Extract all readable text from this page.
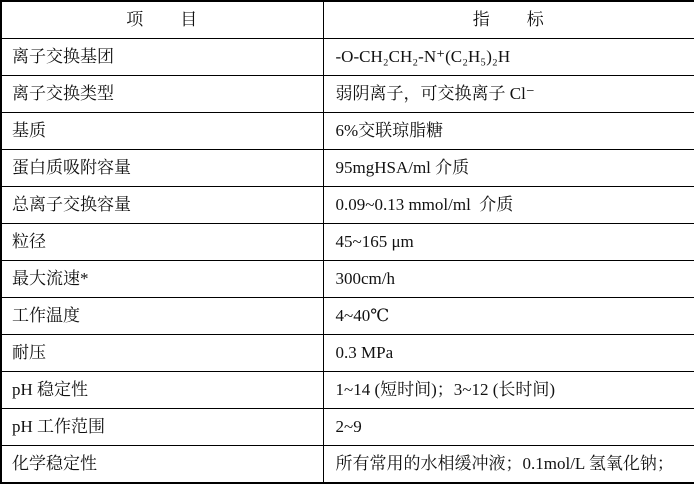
项　　目	指　　标
离子交换基团	-O-CH₂CH₂-N⁺(C₂H₅)₂H
离子交换类型	弱阴离子，可交换离子 Cl⁻
基质	6%交联琼脂糖
蛋白质吸附容量	95mgHSA/ml 介质
总离子交换容量	0.09~0.13 mmol/ml  介质
粒径	45~165 μm
最大流速*	300cm/h
工作温度	4~40℃
耐压	0.3 MPa
pH 稳定性	1~14 (短时间)；3~12 (长时间)
pH 工作范围	2~9
化学稳定性	所有常用的水相缓冲液；0.1mol/L 氢氧化钠；
